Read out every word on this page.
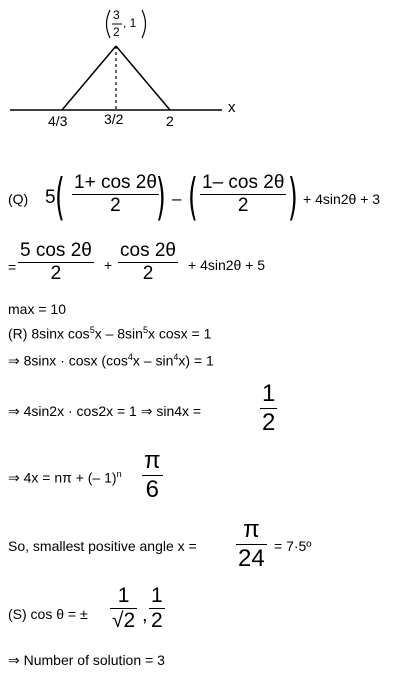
3
2
, 1
x
4/3	3/2	2
(Q) 5 ( 1+ cos 2θ
2 ) – ( 1– cos 2θ
2 ) + 4sin2θ + 3
=
5 cos 2θ
2	+
cos 2θ
2	+ 4sin2θ + 5
max = 10
(R) 8sinx $\cos^5x - 8\sin^5x$ cosx = 1
⇒ 8sinx · cosx $(\cos^4x - \sin^4x) = 1$
⇒ 4sin2x · cos2x = 1 ⇒ sin4x =
1
2
⇒ 4x = nπ + (– 1)$^n$ π
6
So, smallest positive angle x =
π
24 = 7·5º
(S) cos θ = ±
1
√2 ,
1
2
⇒ Number of solution = 3
